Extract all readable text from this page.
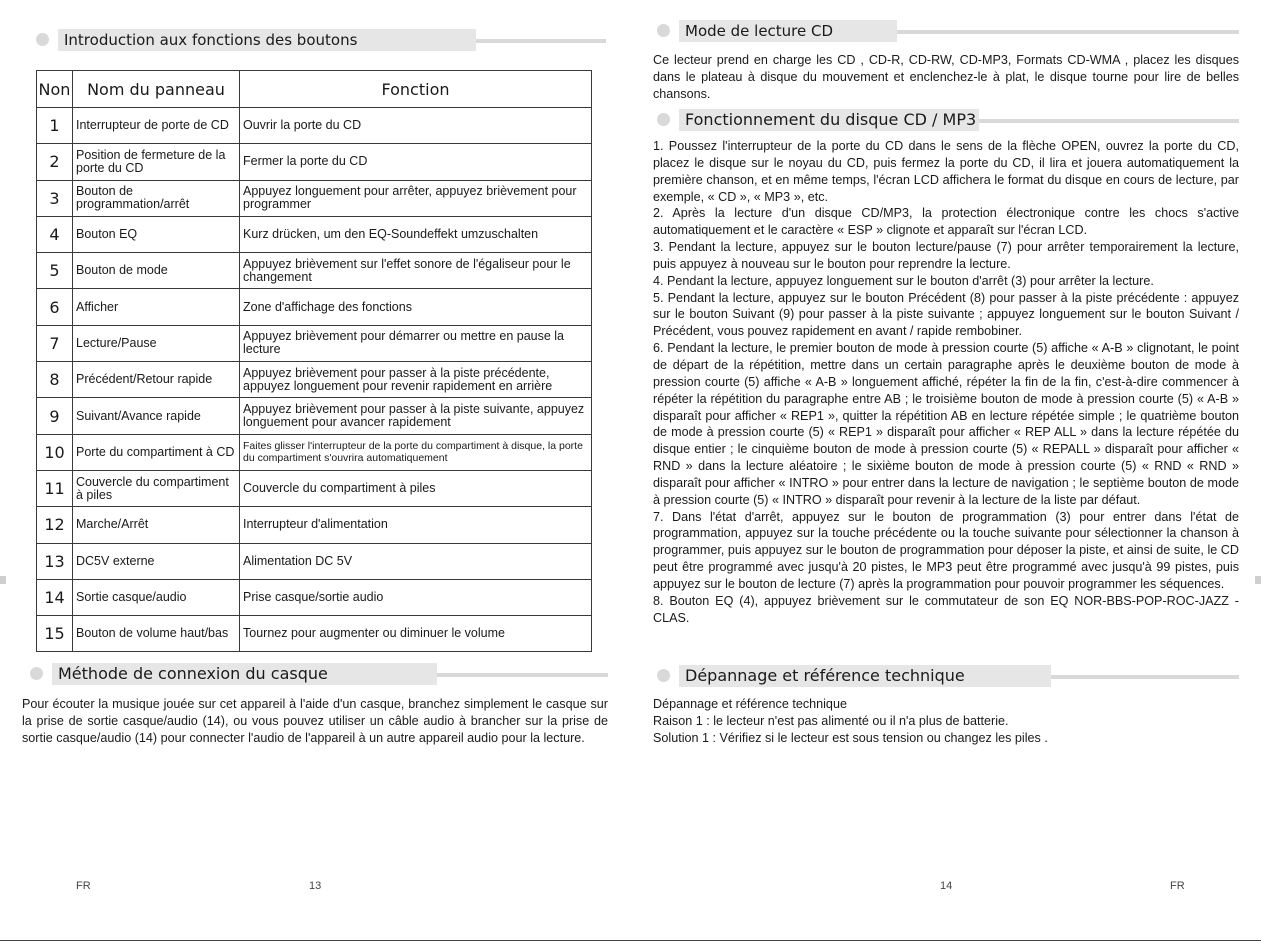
Introduction aux fonctions des boutons
Non	Nom du panneau	Fonction
1	Interrupteur de porte de CD	Ouvrir la porte du CD
2	Position de fermeture de la porte du CD	Fermer la porte du CD
3	Bouton de programmation/arrêt	Appuyez longuement pour arrêter, appuyez brièvement pour programmer
4	Bouton EQ	Kurz drücken, um den EQ-Soundeffekt umzuschalten
5	Bouton de mode	Appuyez brièvement sur l'effet sonore de l'égaliseur pour le changement
6	Afficher	Zone d'affichage des fonctions
7	Lecture/Pause	Appuyez brièvement pour démarrer ou mettre en pause la lecture
8	Précédent/Retour rapide	Appuyez brièvement pour passer à la piste précédente, appuyez longuement pour revenir rapidement en arrière
9	Suivant/Avance rapide	Appuyez brièvement pour passer à la piste suivante, appuyez longuement pour avancer rapidement
10	Porte du compartiment à CD	Faites glisser l'interrupteur de la porte du compartiment à disque, la porte du compartiment s'ouvrira automatiquement
11	Couvercle du compartiment à piles	Couvercle du compartiment à piles
12	Marche/Arrêt	Interrupteur d'alimentation
13	DC5V externe	Alimentation DC 5V
14	Sortie casque/audio	Prise casque/sortie audio
15	Bouton de volume haut/bas	Tournez pour augmenter ou diminuer le volume
Méthode de connexion du casque

Pour écouter la musique jouée sur cet appareil à l'aide d'un casque, branchez simplement le casque sur la prise de sortie casque/audio (14), ou vous pouvez utiliser un câble audio à brancher sur la prise de sortie casque/audio (14) pour connecter l'audio de l'appareil à un autre appareil audio pour la lecture.

FR	13
Mode de lecture CD

Ce lecteur prend en charge les CD , CD-R, CD-RW, CD-MP3, Formats CD-WMA , placez les disques dans le plateau à disque du mouvement et enclenchez-le à plat, le disque tourne pour lire de belles chansons.

Fonctionnement du disque CD / MP3
1. Poussez l'interrupteur de la porte du CD dans le sens de la flèche OPEN, ouvrez la porte du CD, placez le disque sur le noyau du CD, puis fermez la porte du CD, il lira et jouera automatiquement la première chanson, et en même temps, l'écran LCD affichera le format du disque en cours de lecture, par exemple, « CD », « MP3 », etc.
2. Après la lecture d'un disque CD/MP3, la protection électronique contre les chocs s'active automatiquement et le caractère « ESP » clignote et apparaît sur l'écran LCD.
3. Pendant la lecture, appuyez sur le bouton lecture/pause (7) pour arrêter temporairement la lecture, puis appuyez à nouveau sur le bouton pour reprendre la lecture.
4. Pendant la lecture, appuyez longuement sur le bouton d'arrêt (3) pour arrêter la lecture.
5. Pendant la lecture, appuyez sur le bouton Précédent (8) pour passer à la piste précédente : appuyez sur le bouton Suivant (9) pour passer à la piste suivante ; appuyez longuement sur le bouton Suivant / Précédent, vous pouvez rapidement en avant / rapide rembobiner.
6. Pendant la lecture, le premier bouton de mode à pression courte (5) affiche « A-B » clignotant, le point de départ de la répétition, mettre dans un certain paragraphe après le deuxième bouton de mode à pression courte (5) affiche « A-B » longuement affiché, répéter la fin de la fin, c'est-à-dire commencer à répéter la répétition du paragraphe entre AB ; le troisième bouton de mode à pression courte (5) « A-B » disparaît pour afficher « REP1 », quitter la répétition AB en lecture répétée simple ; le quatrième bouton de mode à pression courte (5) « REP1 » disparaît pour afficher « REP ALL » dans la lecture répétée du disque entier ; le cinquième bouton de mode à pression courte (5) « REPALL » disparaît pour afficher « RND » dans la lecture aléatoire ; le sixième bouton de mode à pression courte (5) « RND « RND » disparaît pour afficher « INTRO » pour entrer dans la lecture de navigation ; le septième bouton de mode à pression courte (5) « INTRO » disparaît pour revenir à la lecture de la liste par défaut.
7. Dans l'état d'arrêt, appuyez sur le bouton de programmation (3) pour entrer dans l'état de programmation, appuyez sur la touche précédente ou la touche suivante pour sélectionner la chanson à programmer, puis appuyez sur le bouton de programmation pour déposer la piste, et ainsi de suite, le CD peut être programmé avec jusqu'à 20 pistes, le MP3 peut être programmé avec jusqu'à 99 pistes, puis appuyez sur le bouton de lecture (7) après la programmation pour pouvoir programmer les séquences.
8. Bouton EQ (4), appuyez brièvement sur le commutateur de son EQ NOR-BBS-POP-ROC-JAZZ - CLAS.
Dépannage et référence technique
Dépannage et référence technique
Raison 1 : le lecteur n'est pas alimenté ou il n'a plus de batterie.
Solution 1 : Vérifiez si le lecteur est sous tension ou changez les piles .
14	FR
